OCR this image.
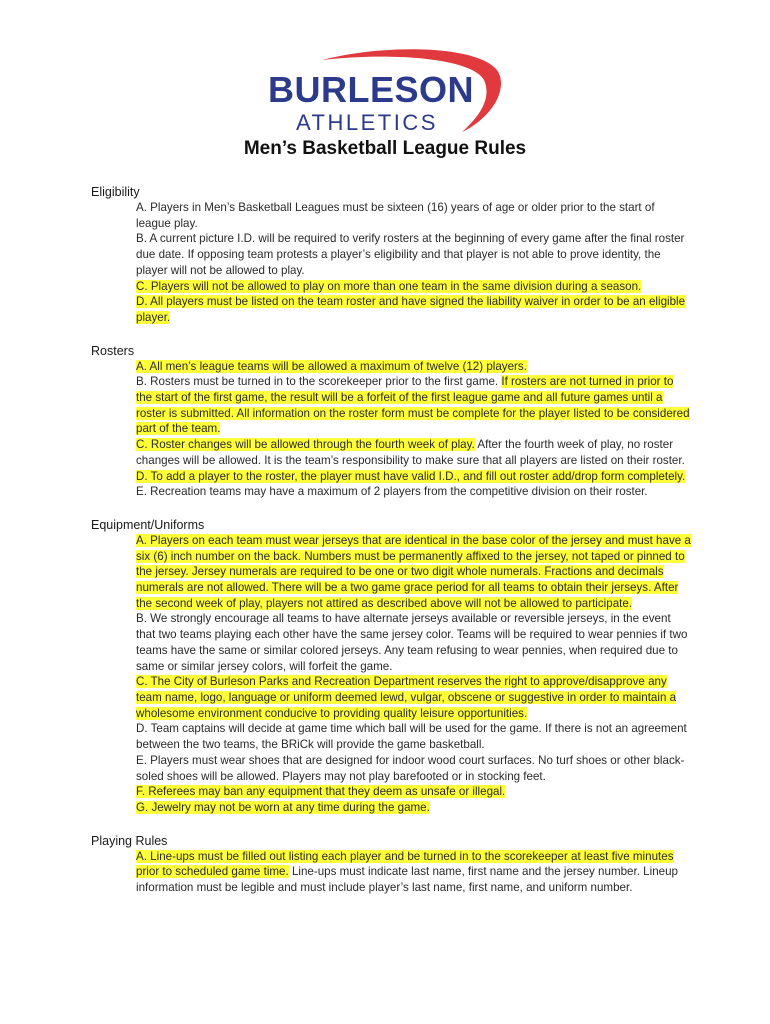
BURLESON
ATHLETICS
Men’s Basketball League Rules
Eligibility
A. Players in Men’s Basketball Leagues must be sixteen (16) years of age or older prior to the start of league play.
B. A current picture I.D. will be required to verify rosters at the beginning of every game after the final roster due date. If opposing team protests a player’s eligibility and that player is not able to prove identity, the player will not be allowed to play.
C. Players will not be allowed to play on more than one team in the same division during a season.
D. All players must be listed on the team roster and have signed the liability waiver in order to be an eligible player.
Rosters
A. All men’s league teams will be allowed a maximum of twelve (12) players.
B. Rosters must be turned in to the scorekeeper prior to the first game. If rosters are not turned in prior to the start of the first game, the result will be a forfeit of the first league game and all future games until a roster is submitted. All information on the roster form must be complete for the player listed to be considered part of the team.
C. Roster changes will be allowed through the fourth week of play. After the fourth week of play, no roster changes will be allowed. It is the team’s responsibility to make sure that all players are listed on their roster.
D. To add a player to the roster, the player must have valid I.D., and fill out roster add/drop form completely.
E. Recreation teams may have a maximum of 2 players from the competitive division on their roster.
Equipment/Uniforms
A. Players on each team must wear jerseys that are identical in the base color of the jersey and must have a six (6) inch number on the back. Numbers must be permanently affixed to the jersey, not taped or pinned to the jersey. Jersey numerals are required to be one or two digit whole numerals. Fractions and decimals numerals are not allowed. There will be a two game grace period for all teams to obtain their jerseys. After the second week of play, players not attired as described above will not be allowed to participate.
B. We strongly encourage all teams to have alternate jerseys available or reversible jerseys, in the event that two teams playing each other have the same jersey color. Teams will be required to wear pennies if two teams have the same or similar colored jerseys. Any team refusing to wear pennies, when required due to same or similar jersey colors, will forfeit the game.
C. The City of Burleson Parks and Recreation Department reserves the right to approve/disapprove any team name, logo, language or uniform deemed lewd, vulgar, obscene or suggestive in order to maintain a wholesome environment conducive to providing quality leisure opportunities.
D. Team captains will decide at game time which ball will be used for the game. If there is not an agreement between the two teams, the BRiCk will provide the game basketball.
E. Players must wear shoes that are designed for indoor wood court surfaces. No turf shoes or other black-soled shoes will be allowed. Players may not play barefooted or in stocking feet.
F. Referees may ban any equipment that they deem as unsafe or illegal.
G. Jewelry may not be worn at any time during the game.
Playing Rules
A. Line-ups must be filled out listing each player and be turned in to the scorekeeper at least five minutes prior to scheduled game time. Line-ups must indicate last name, first name and the jersey number. Lineup information must be legible and must include player’s last name, first name, and uniform number.
